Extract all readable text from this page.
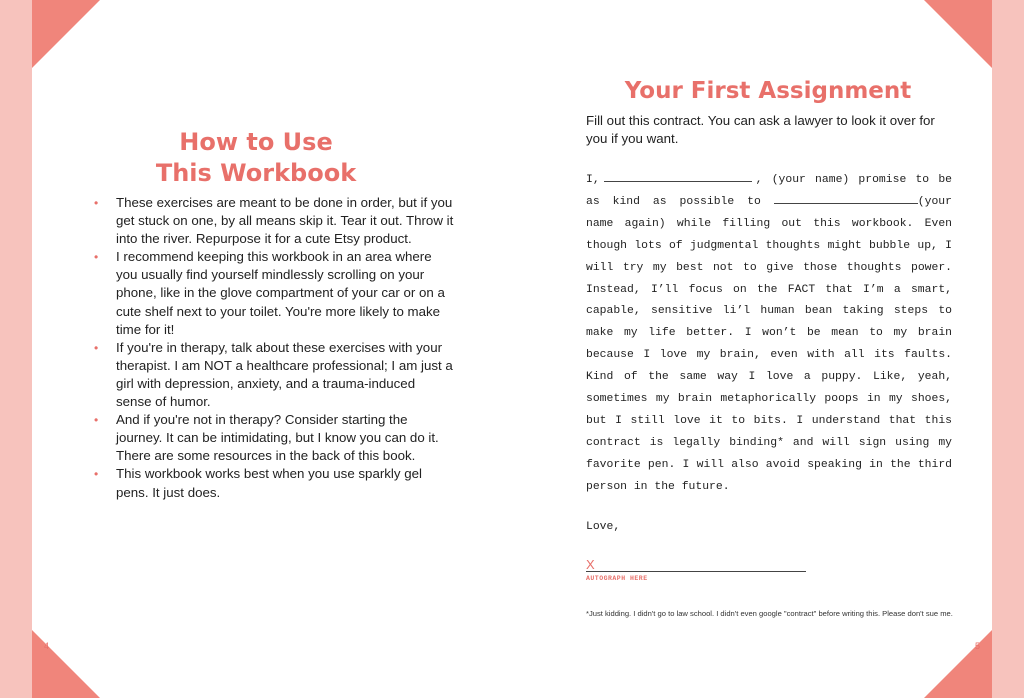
How to Use
This Workbook
• These exercises are meant to be done in order, but if you get stuck on one, by all means skip it. Tear it out. Throw it into the river. Repurpose it for a cute Etsy product.
• I recommend keeping this workbook in an area where you usually find yourself mindlessly scrolling on your phone, like in the glove compartment of your car or on a cute shelf next to your toilet. You're more likely to make time for it!
• If you're in therapy, talk about these exercises with your therapist. I am NOT a healthcare professional; I am just a girl with depression, anxiety, and a trauma-induced sense of humor.
• And if you're not in therapy? Consider starting the journey. It can be intimidating, but I know you can do it. There are some resources in the back of this book.
• This workbook works best when you use sparkly gel pens. It just does.
4
Your First Assignment

Fill out this contract. You can ask a lawyer to look it over for you if you want.

I,	, (your name) promise to be as kind as possible to	(your name again) while filling out this workbook. Even though lots of judgmental thoughts might bubble up, I will try my best not to give those thoughts power. Instead, I’ll focus on the FACT that I’m a smart, capable, sensitive li’l human bean taking steps to make my life better. I won’t be mean to my brain because I love my brain, even with all its faults. Kind of the same way I love a puppy. Like, yeah, sometimes my brain metaphorically poops in my shoes, but I still love it to bits. I understand that this contract is legally binding* and will sign using my favorite pen. I will also avoid speaking in the third person in the future.

Love,
X
AUTOGRAPH HERE

*Just kidding. I didn't go to law school. I didn't even google "contract" before writing this. Please don't sue me.

5
